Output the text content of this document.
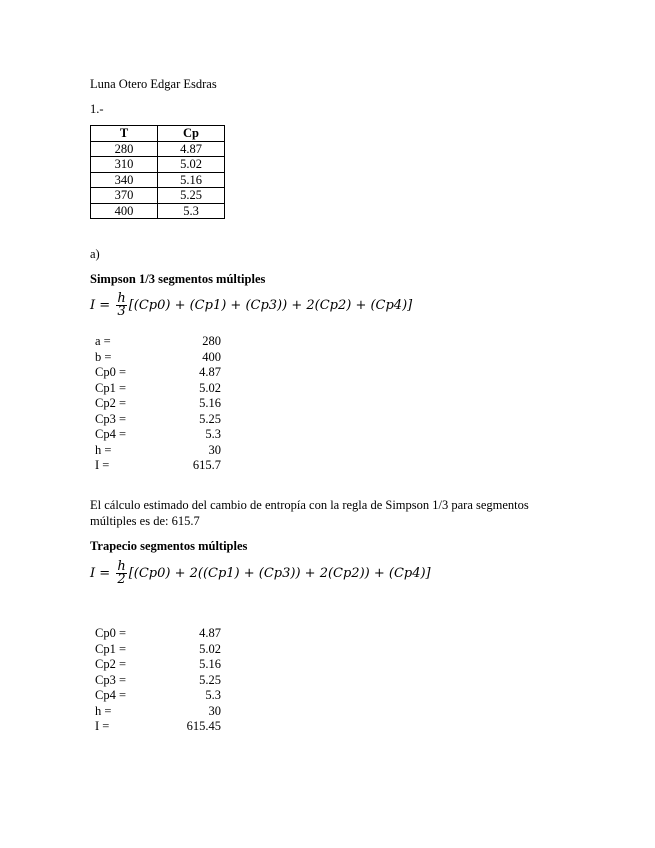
Luna Otero Edgar Esdras
1.-
T	Cp
280	4.87
310	5.02
340	5.16
370	5.25
400	5.3
a)
Simpson 1/3 segmentos múltiples
$I = \frac{h}{3} [(Cp0) + (Cp1) + (Cp3)) + 2(Cp2) + (Cp4)$]
a =	280
b =	400
Cp0 =	4.87
Cp1 =	5.02
Cp2 =	5.16
Cp3 =	5.25
Cp4 =	5.3
h =	30
I =	615.7
El cálculo estimado del cambio de entropía con la regla de Simpson 1/3 para segmentos
múltiples es de: 615.7
Trapecio segmentos múltiples
$I = \frac{h}{2} [(Cp0) + 2((Cp1) + (Cp3)) + 2(Cp2)) + (Cp4)$]
Cp0 =	4.87
Cp1 =	5.02
Cp2 =	5.16
Cp3 =	5.25
Cp4 =	5.3
h =	30
I =	615.45
